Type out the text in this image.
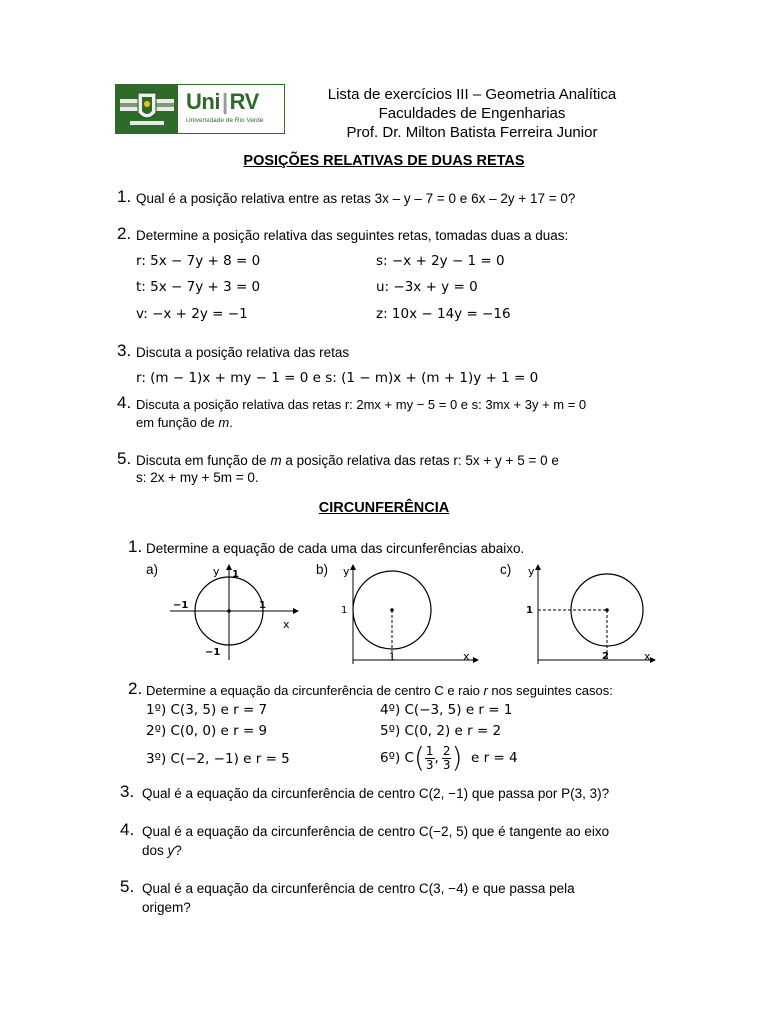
Uni|RV
Universidade de Rio Verde
Lista de exercícios III – Geometria Analítica
Faculdades de Engenharias
Prof. Dr. Milton Batista Ferreira Junior
POSIÇÕES RELATIVAS DE DUAS RETAS
1. Qual é a posição relativa entre as retas 3x – y – 7 = 0 e 6x – 2y + 17 = 0?
2. Determine a posição relativa das seguintes retas, tomadas duas a duas:
r: 5x − 7y + 8 = 0	s: −x + 2y − 1 = 0
t: 5x − 7y + 3 = 0	u: −3x + y = 0
v: −x + 2y = −1	z: 10x − 14y = −16
3. Discuta a posição relativa das retas
r: (m − 1)x + my − 1 = 0 e s: (1 − m)x + (m + 1)y + 1 = 0
4. Discuta a posição relativa das retas r: 2mx + my − 5 = 0 e s: 3mx + 3y + m = 0
em função de m.
5. Discuta em função de m a posição relativa das retas r: 5x + y + 5 = 0 e
s: 2x + my + 5m = 0.
CIRCUNFERÊNCIA
1. Determine a equação de cada uma das circunferências abaixo.
a)	b)	c)
y 1
−1	1
−1
x
y
1
1	x
y
1
2	x
2. Determine a equação da circunferência de centro C e raio r nos seguintes casos:
1º) C(3, 5) e r = 7
2º) C(0, 0) e r = 9
3º) C(−2, −1) e r = 5
4º) C(−3, 5) e r = 1
5º) C(0, 2) e r = 2
6º) $C( \frac{1}{3}$ , $\frac{2}{3}$ ) e r = 4
3. Qual é a equação da circunferência de centro C(2, −1) que passa por P(3, 3)?
4. Qual é a equação da circunferência de centro C(−2, 5) que é tangente ao eixo
dos y?
5. Qual é a equação da circunferência de centro C(3, −4) e que passa pela
origem?
